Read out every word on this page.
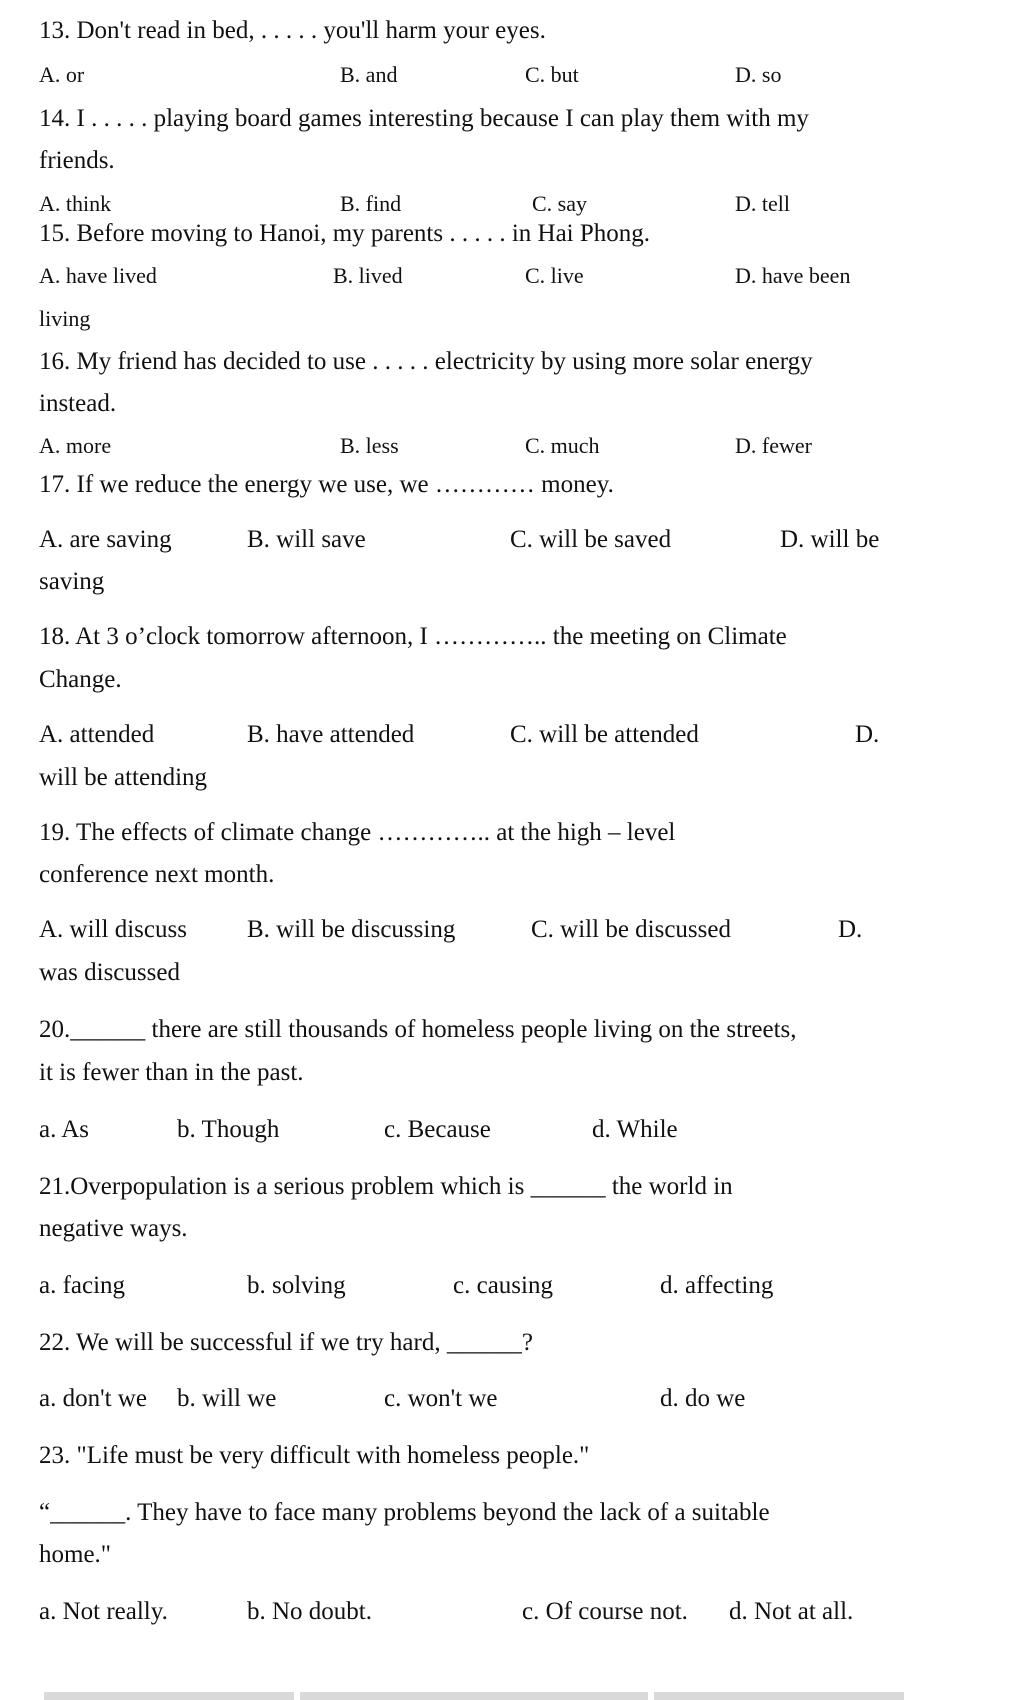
13. Don't read in bed, . . . . . you'll harm your eyes.
A. or	B. and	C. but	D. so
14. I . . . . . playing board games interesting because I can play them with my
friends.
A. think	B. find	C. say	D. tell
15. Before moving to Hanoi, my parents . . . . . in Hai Phong.
A. have lived	B. lived	C. live	D. have been
living
16. My friend has decided to use . . . . . electricity by using more solar energy
instead.
A. more	B. less	C. much	D. fewer
17. If we reduce the energy we use, we ………… money.
A. are saving	B. will save	C. will be saved	D. will be
saving
18. At 3 o’clock tomorrow afternoon, I ………….. the meeting on Climate
Change.
A. attended	B. have attended	C. will be attended	D.
will be attending
19. The effects of climate change ………….. at the high – level
conference next month.
A. will discuss B. will be discussing	C. will be discussed	D.
was discussed
20.______ there are still thousands of homeless people living on the streets,
it is fewer than in the past.
a. As	b. Though	c. Because	d. While
21.Overpopulation is a serious problem which is ______ the world in
negative ways.
a. facing	b. solving	c. causing	d. affecting
22. We will be successful if we try hard, ______?
a. don't we b. will we	c. won't we	d. do we
23. "Life must be very difficult with homeless people."
“______. They have to face many problems beyond the lack of a suitable
home."
a. Not really.	b. No doubt.	c. Of course not. d. Not at all.
